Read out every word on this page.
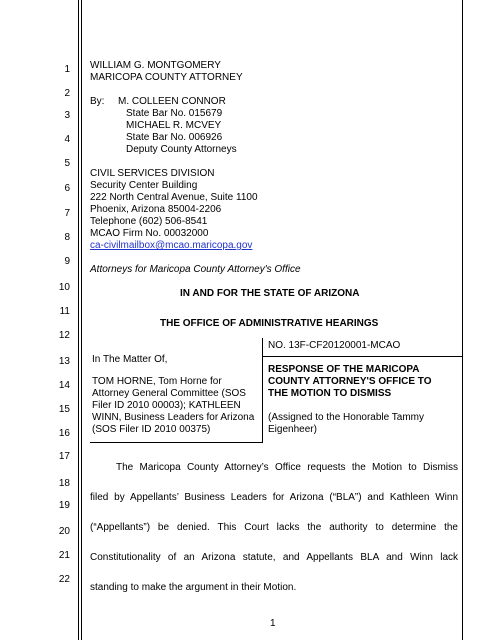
1
2
3
4
5
6
7
8
9
10
11
12
13
14
15
16
17
18
19
20
21
22
WILLIAM G. MONTGOMERY
MARICOPA COUNTY ATTORNEY
By: M. COLLEEN CONNOR
State Bar No. 015679
MICHAEL R. MCVEY
State Bar No. 006926
Deputy County Attorneys
CIVIL SERVICES DIVISION
Security Center Building
222 North Central Avenue, Suite 1100
Phoenix, Arizona 85004-2206
Telephone (602) 506-8541
MCAO Firm No. 00032000
ca-civilmailbox@mcao.maricopa.gov
Attorneys for Maricopa County Attorney's Office
IN AND FOR THE STATE OF ARIZONA
THE OFFICE OF ADMINISTRATIVE HEARINGS
In The Matter Of,
TOM HORNE, Tom Horne for
Attorney General Committee (SOS
Filer ID 2010 00003); KATHLEEN
WINN, Business Leaders for Arizona
(SOS Filer ID 2010 00375)
NO. 13F-CF20120001-MCAO
RESPONSE OF THE MARICOPA
COUNTY ATTORNEY'S OFFICE TO
THE MOTION TO DISMISS
(Assigned to the Honorable Tammy
Eigenheer)
The Maricopa County Attorney’s Office requests the Motion to Dismiss
filed by Appellants’ Business Leaders for Arizona (“BLA”) and Kathleen Winn
(“Appellants”) be denied. This Court lacks the authority to determine the
Constitutionality of an Arizona statute, and Appellants BLA and Winn lack
standing to make the argument in their Motion.
1
